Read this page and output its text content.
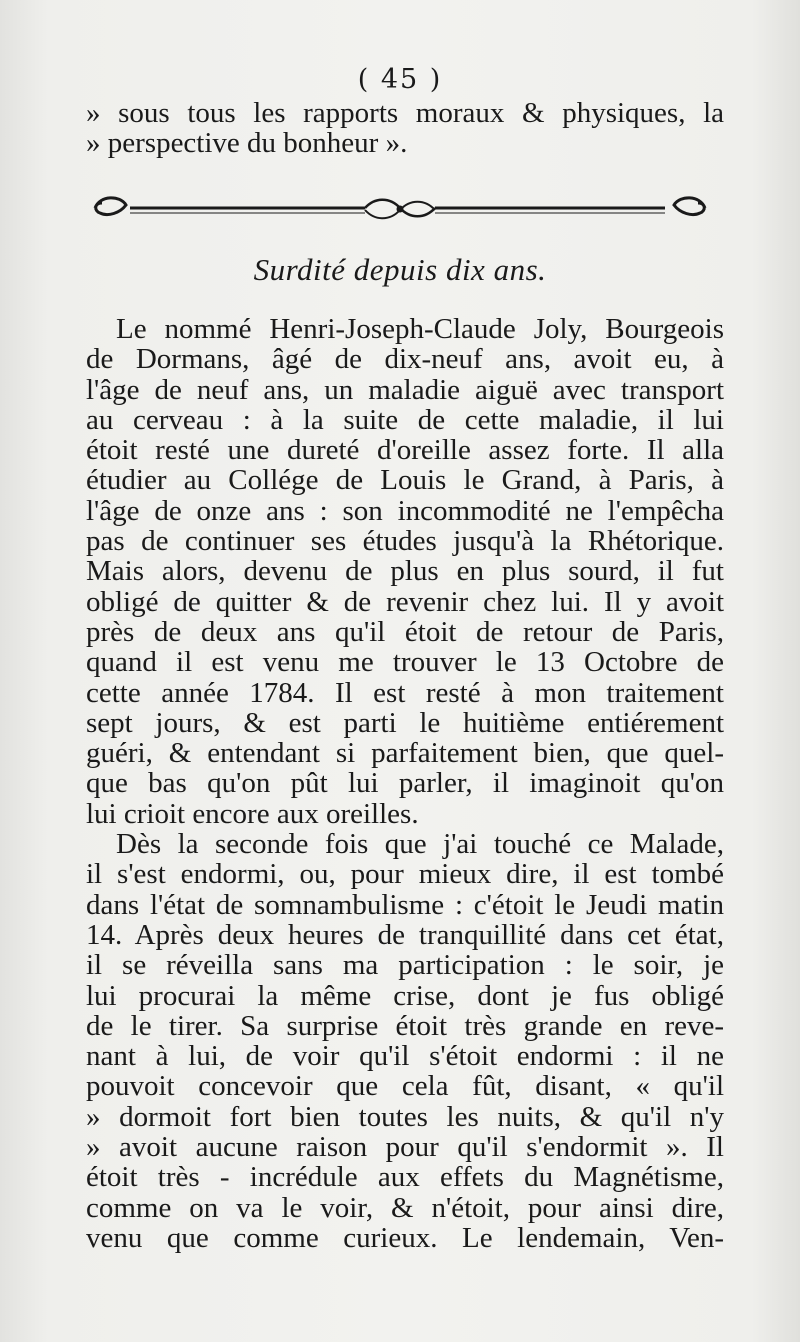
( 45 )
» sous tous les rapports moraux & physiques, la
» perspective du bonheur ».
Surdité depuis dix ans.
Le nommé Henri-Joseph-Claude Joly, Bourgeois
de Dormans, âgé de dix-neuf ans, avoit eu, à
l'âge de neuf ans, un maladie aiguë avec transport
au cerveau : à la suite de cette maladie, il lui
étoit resté une dureté d'oreille assez forte. Il alla
étudier au Collége de Louis le Grand, à Paris, à
l'âge de onze ans : son incommodité ne l'empêcha
pas de continuer ses études jusqu'à la Rhétorique.
Mais alors, devenu de plus en plus sourd, il fut
obligé de quitter & de revenir chez lui. Il y avoit
près de deux ans qu'il étoit de retour de Paris,
quand il est venu me trouver le 13 Octobre de
cette année 1784. Il est resté à mon traitement
sept jours, & est parti le huitième entiérement
guéri, & entendant si parfaitement bien, que quel-
que bas qu'on pût lui parler, il imaginoit qu'on
lui crioit encore aux oreilles.
Dès la seconde fois que j'ai touché ce Malade,
il s'est endormi, ou, pour mieux dire, il est tombé
dans l'état de somnambulisme : c'étoit le Jeudi matin
14. Après deux heures de tranquillité dans cet état,
il se réveilla sans ma participation : le soir, je
lui procurai la même crise, dont je fus obligé
de le tirer. Sa surprise étoit très grande en reve-
nant à lui, de voir qu'il s'étoit endormi : il ne
pouvoit concevoir que cela fût, disant, « qu'il
» dormoit fort bien toutes les nuits, & qu'il n'y
» avoit aucune raison pour qu'il s'endormit ». Il
étoit très - incrédule aux effets du Magnétisme,
comme on va le voir, & n'étoit, pour ainsi dire,
venu que comme curieux. Le lendemain, Ven-
